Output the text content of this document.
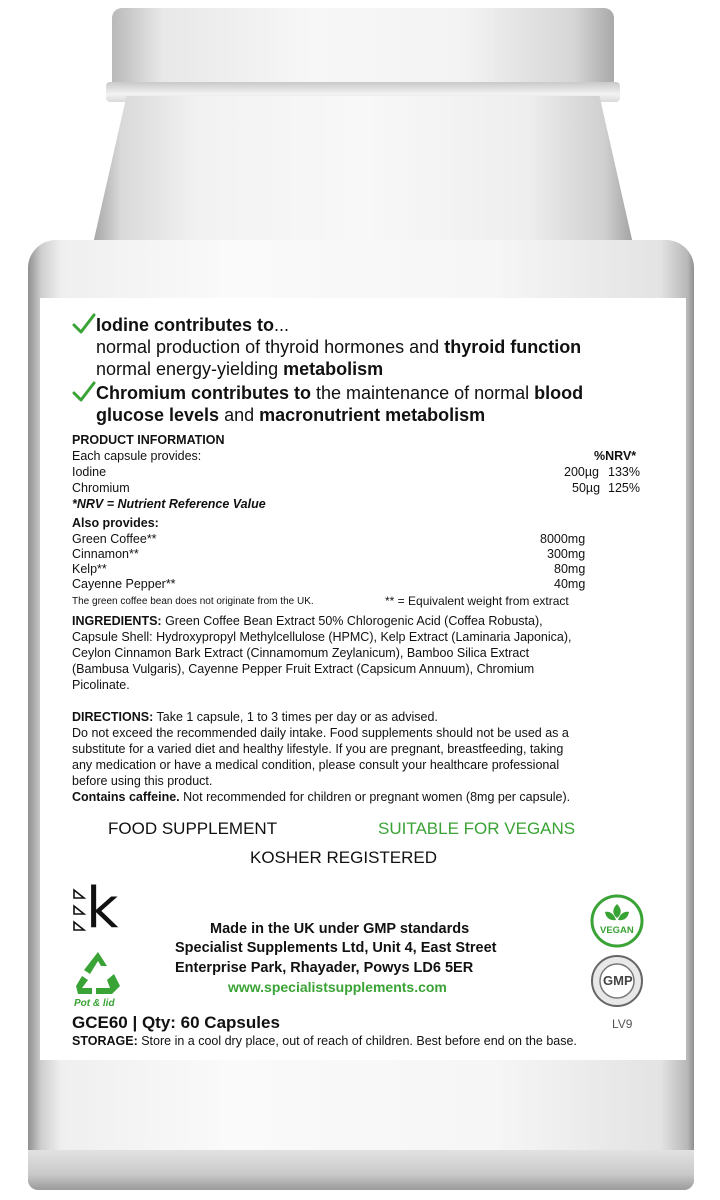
Iodine contributes to...
normal production of thyroid hormones and thyroid function
normal energy-yielding metabolism
Chromium contributes to the maintenance of normal blood
glucose levels and macronutrient metabolism
PRODUCT INFORMATION
Each capsule provides:	%NRV*
Iodine	200µg 133%
Chromium	50µg 125%
*NRV = Nutrient Reference Value
Also provides:
Green Coffee**	8000mg
Cinnamon**	300mg
Kelp**	80mg
Cayenne Pepper**	40mg
The green coffee bean does not originate from the UK.	** = Equivalent weight from extract
INGREDIENTS: Green Coffee Bean Extract 50% Chlorogenic Acid (Coffea Robusta),
Capsule Shell: Hydroxypropyl Methylcellulose (HPMC), Kelp Extract (Laminaria Japonica),
Ceylon Cinnamon Bark Extract (Cinnamomum Zeylanicum), Bamboo Silica Extract
(Bambusa Vulgaris), Cayenne Pepper Fruit Extract (Capsicum Annuum), Chromium
Picolinate.
DIRECTIONS: Take 1 capsule, 1 to 3 times per day or as advised.
Do not exceed the recommended daily intake. Food supplements should not be used as a
substitute for a varied diet and healthy lifestyle. If you are pregnant, breastfeeding, taking
any medication or have a medical condition, please consult your healthcare professional
before using this product.
Contains caffeine. Not recommended for children or pregnant women (8mg per capsule).
FOOD SUPPLEMENT	SUITABLE FOR VEGANS
KOSHER REGISTERED
k
Pot & lid
Made in the UK under GMP standards
Specialist Supplements Ltd, Unit 4, East Street
Enterprise Park, Rhayader, Powys LD6 5ER
www.specialistsupplements.com
VEGAN
GMP
GCE60 | Qty: 60 Capsules	LV9
STORAGE: Store in a cool dry place, out of reach of children. Best before end on the base.
